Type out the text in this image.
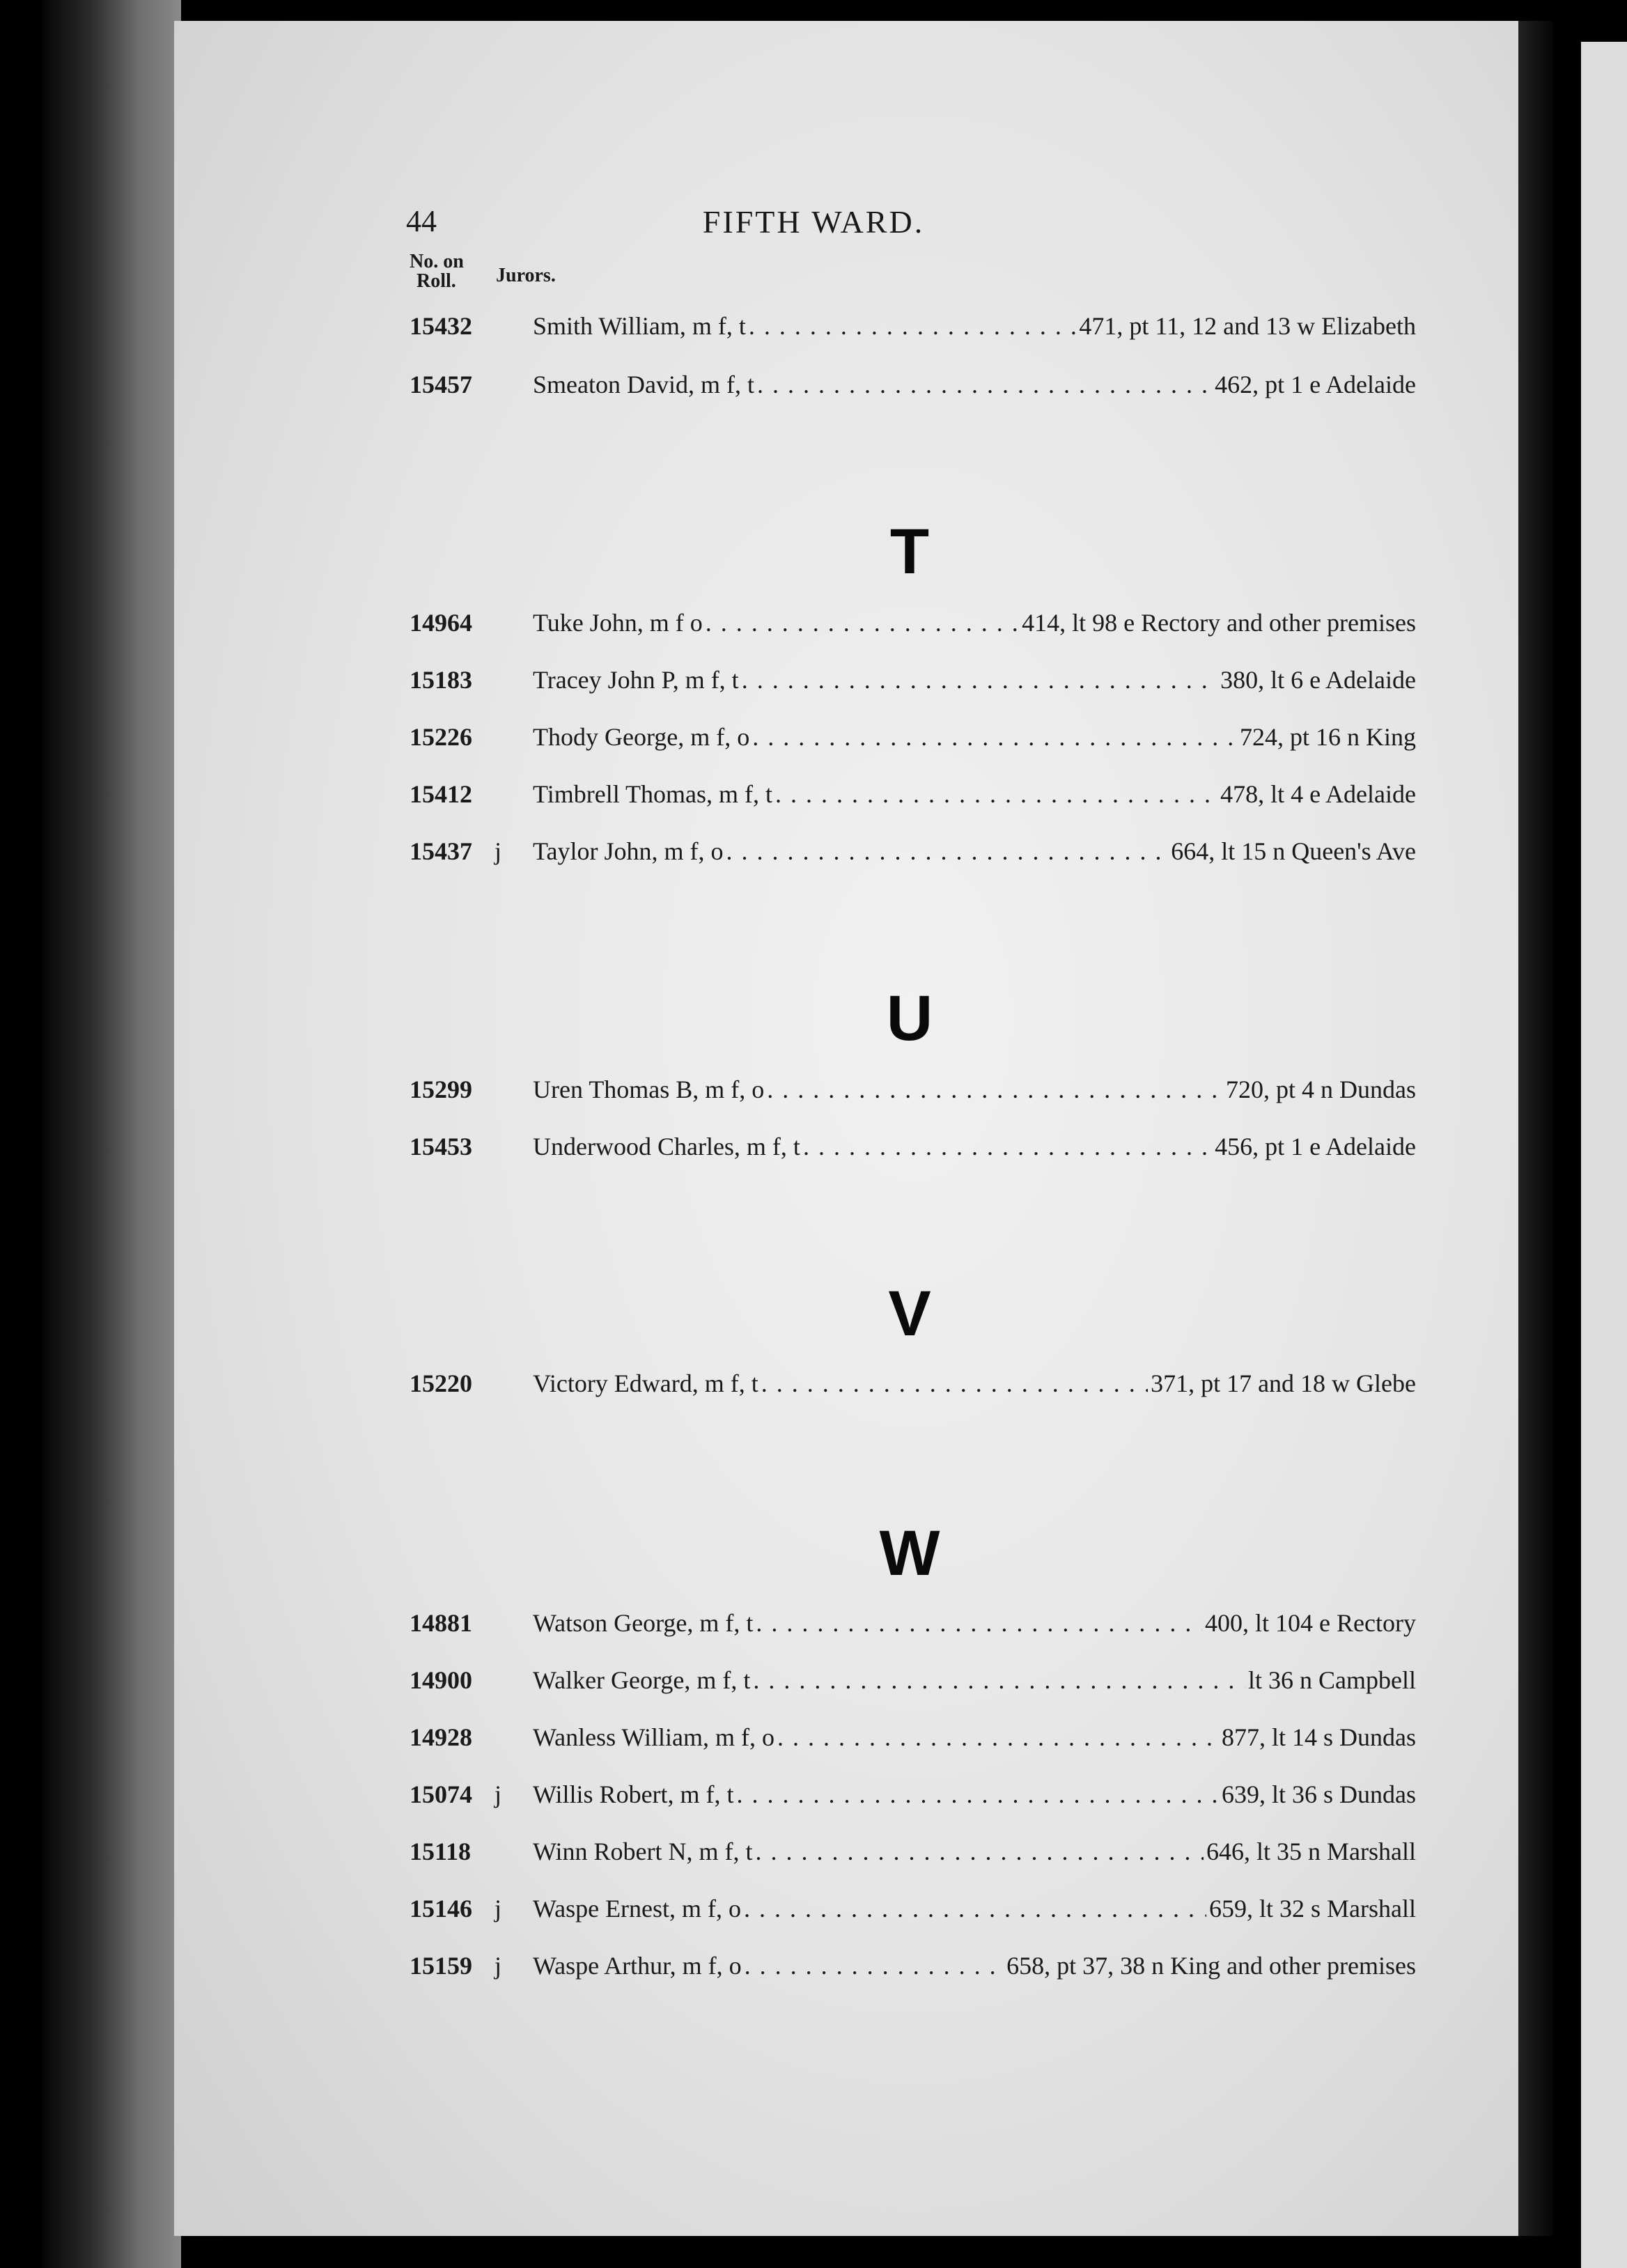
44	FIFTH WARD.
No. on
Roll.	Jurors.
15432 Smith William, m f, t . . .	471, pt 11, 12 and 13 w Elizabeth
15457 Smeaton David, m f, t . . .	462, pt 1 e Adelaide
T
14964 Tuke John, m f o . . .	414, lt 98 e Rectory and other premises
15183 Tracey John P, m f, t . . .	380, lt 6 e Adelaide
15226 Thody George, m f, o . . .	724, pt 16 n King
15412 Timbrell Thomas, m f, t . . .	478, lt 4 e Adelaide
15437 j Taylor John, m f, o . . .	664, lt 15 n Queen's Ave
U
15299 Uren Thomas B, m f, o . . .	720, pt 4 n Dundas
15453 Underwood Charles, m f, t . . .	456, pt 1 e Adelaide
V
15220 Victory Edward, m f, t . . .	371, pt 17 and 18 w Glebe
W
14881 Watson George, m f, t . . .	400, lt 104 e Rectory
14900 Walker George, m f, t . . .	lt 36 n Campbell
14928 Wanless William, m f, o . . .	877, lt 14 s Dundas
15074 j Willis Robert, m f, t . . .	639, lt 36 s Dundas
15118 Winn Robert N, m f, t . . .	646, lt 35 n Marshall
15146 j Waspe Ernest, m f, o . . .	659, lt 32 s Marshall
15159 j Waspe Arthur, m f, o . . .	658, pt 37, 38 n King and other premises
